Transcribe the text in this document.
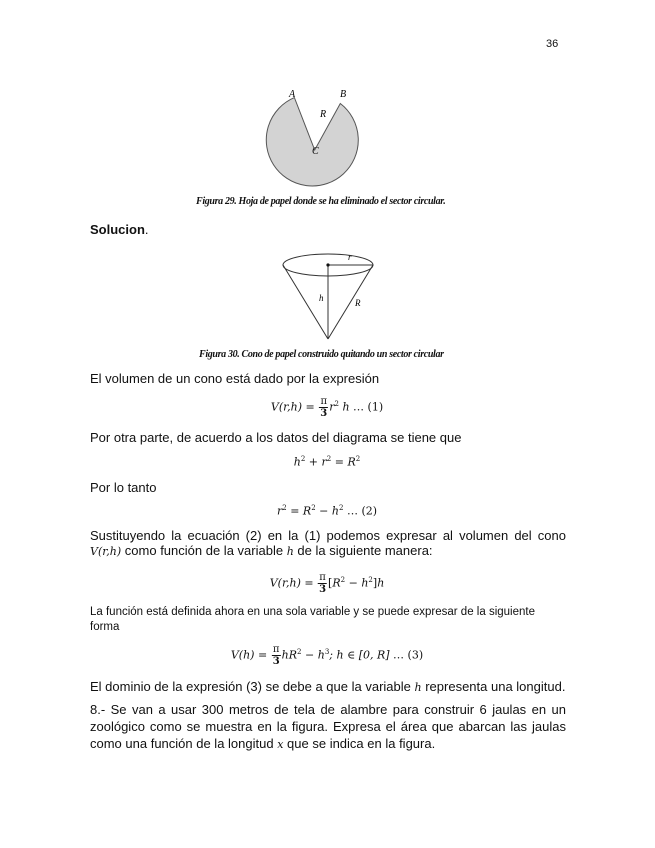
36
A	B
R
C
Figura 29. Hoja de papel donde se ha eliminado el sector circular.
Solucion.
r
h	R
Figura 30. Cono de papel construido quitando un sector circular
El volumen de un cono está dado por la expresión
$V(r,h) = \frac{\pi}{3} r^2$ h … (1)
Por otra parte, de acuerdo a los datos del diagrama se tiene que
$h^2 + r^2 = R^2$
Por lo tanto
$r^2 = R^2 - h^2$ … (2)
Sustituyendo la ecuación (2) en la (1) podemos expresar al volumen del cono
V(r,h) como función de la variable h de la siguiente manera:
$V(r,h) = \frac{\pi}{3} [R^2 - h^2]h$
La función está definida ahora en una sola variable y se puede expresar de la siguiente forma
$V(h) = \frac{\pi}{3} hR^2 - h^3$; h ∈ [0, R] … (3)
El dominio de la expresión (3) se debe a que la variable h representa una longitud.
8.- Se van a usar 300 metros de tela de alambre para construir 6 jaulas en un zoológico como se muestra en la figura. Expresa el área que abarcan las jaulas como una función de la longitud x que se indica en la figura.
